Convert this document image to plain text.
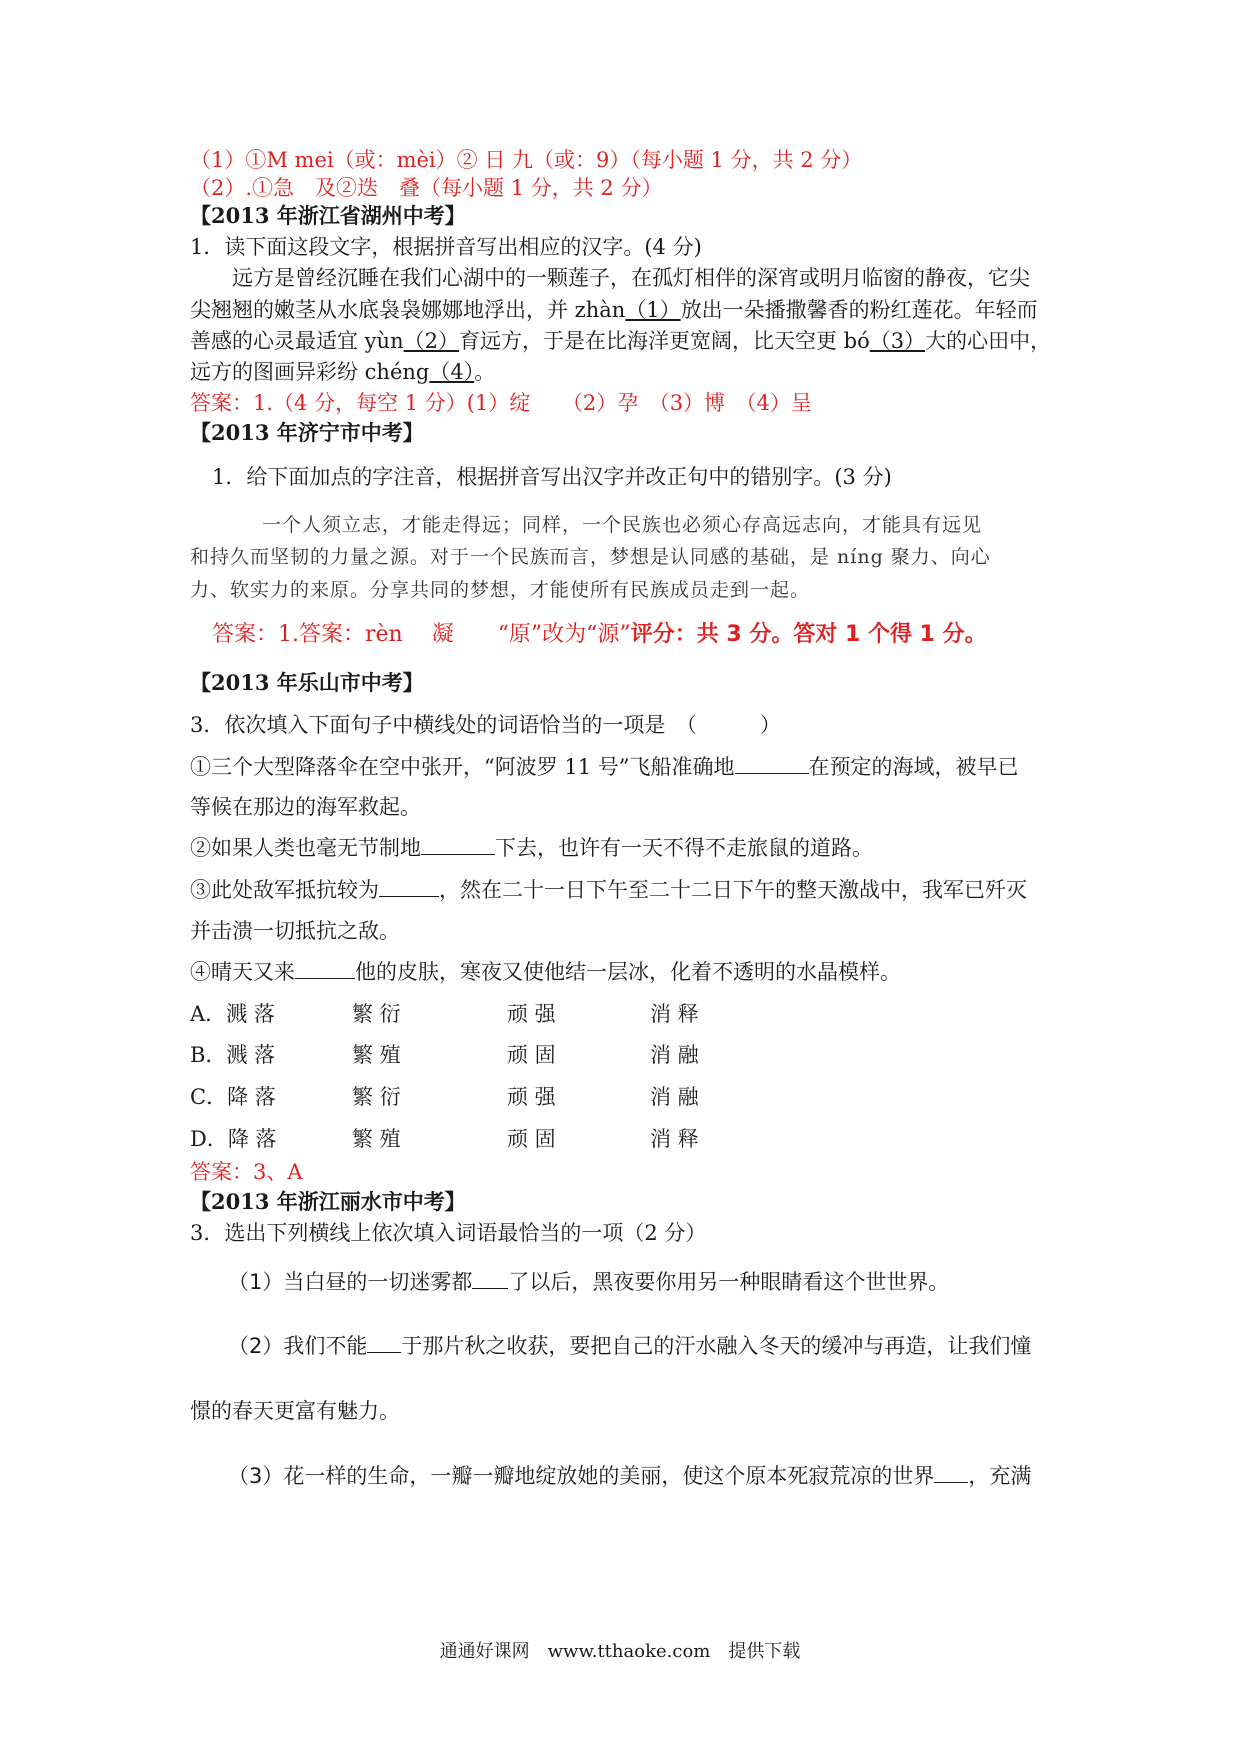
（1）①M mei（或：mèi）② 日 九（或：9）（每小题 1 分，共 2 分）
（2）.①急　及②迭　叠（每小题 1 分，共 2 分）
【2013 年浙江省湖州中考】
1．读下面这段文字，根据拼音写出相应的汉字。(4 分)
远方是曾经沉睡在我们心湖中的一颗莲子，在孤灯相伴的深宵或明月临窗的静夜，它尖
尖翘翘的嫩茎从水底袅袅娜娜地浮出，并 zhàn（1）放出一朵播撒馨香的粉红莲花。年轻而
善感的心灵最适宜 yùn（2）育远方，于是在比海洋更宽阔，比天空更 bó（3）大的心田中，
远方的图画异彩纷 chéng（4）。
答案：1.（4 分，每空 1 分）(1）绽　　（2）孕　（3）博　（4）呈
【2013 年济宁市中考】
1．给下面加点的字注音，根据拼音写出汉字并改正句中的错别字。(3 分)
一个人须立志，才能走得远；同样，一个民族也必须心存高远志向，才能具有远见
和持久而坚韧的力量之源。对于一个民族而言，梦想是认同感的基础，是 níng 聚力、向心
力、软实力的来原。分享共同的梦想，才能使所有民族成员走到一起。
答案：1.答案：rèn　 凝　　“原”改为“源”评分：共 3 分。答对 1 个得 1 分。
【2013 年乐山市中考】
3．依次填入下面句子中横线处的词语恰当的一项是　（　　　）
①三个大型降落伞在空中张开，“阿波罗 11 号”飞船准确地	在预定的海域，被早已
等候在那边的海军救起。
②如果人类也毫无节制地	下去，也许有一天不得不走旅鼠的道路。
③此处敌军抵抗较为	，然在二十一日下午至二十二日下午的整天激战中，我军已歼灭
并击溃一切抵抗之敌。
④晴天又来	他的皮肤，寒夜又使他结一层冰，化着不透明的水晶模样。
A．溅 落	繁 衍	顽 强	消 释
B．溅 落	繁 殖	顽 固	消 融
C．降 落	繁 衍	顽 强	消 融
D．降 落	繁 殖	顽 固	消 释
答案：3、A
【2013 年浙江丽水市中考】
3．选出下列横线上依次填入词语最恰当的一项（2 分）
（1）当白昼的一切迷雾都 了以后，黑夜要你用另一种眼睛看这个世世界。
（2）我们不能 于那片秋之收获，要把自己的汗水融入冬天的缓冲与再造，让我们憧
憬的春天更富有魅力。
（3）花一样的生命，一瓣一瓣地绽放她的美丽，使这个原本死寂荒凉的世界 ，充满
通通好课网　www.tthaoke.com　提供下载
